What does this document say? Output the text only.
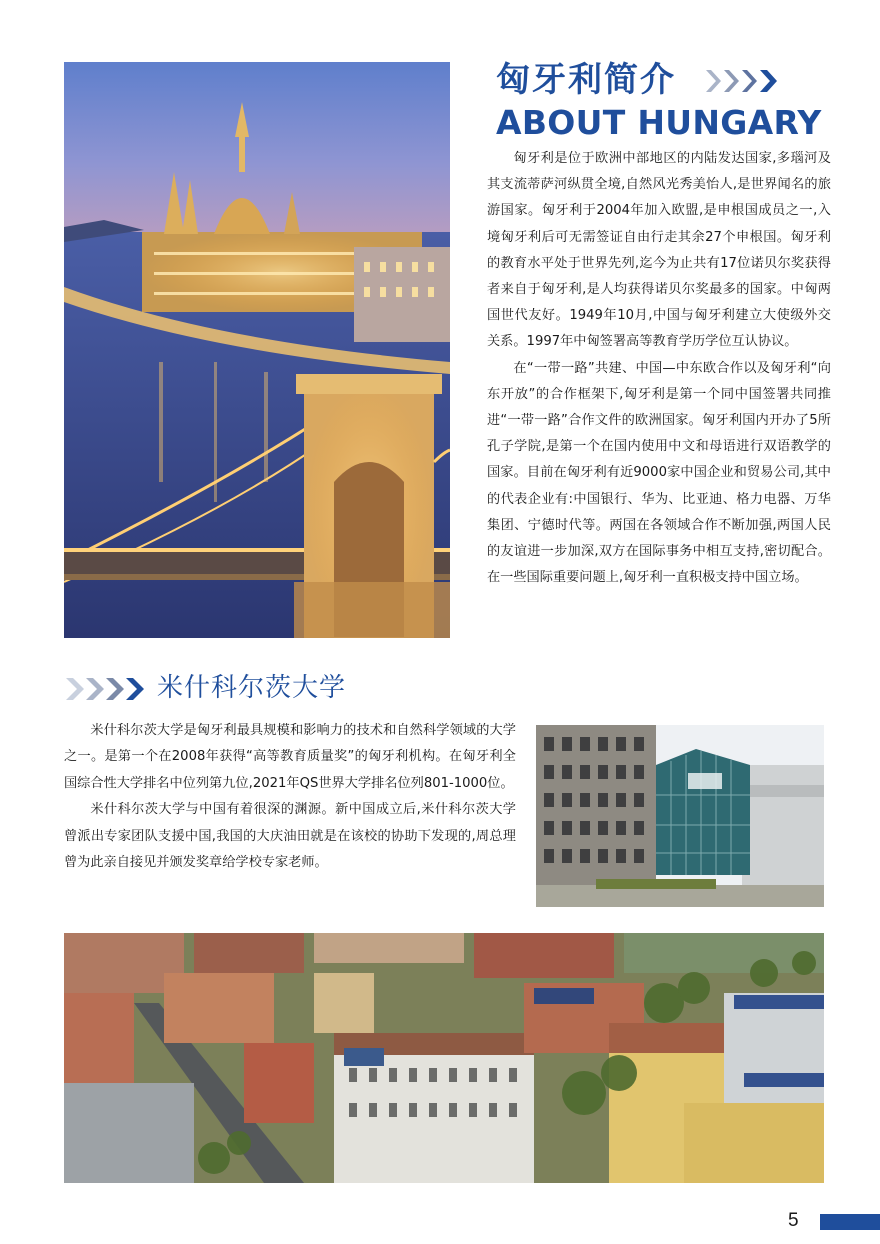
匈牙利简介
ABOUT HUNGARY

匈牙利是位于欧洲中部地区的内陆发达国家,多瑙河及其支流蒂萨河纵贯全境,自然风光秀美怡人,是世界闻名的旅游国家。匈牙利于2004年加入欧盟,是申根国成员之一,入境匈牙利后可无需签证自由行走其余27个申根国。匈牙利的教育水平处于世界先列,迄今为止共有17位诺贝尔奖获得者来自于匈牙利,是人均获得诺贝尔奖最多的国家。中匈两国世代友好。1949年10月,中国与匈牙利建立大使级外交关系。1997年中匈签署高等教育学历学位互认协议。

在“一带一路”共建、中国—中东欧合作以及匈牙利“向东开放”的合作框架下,匈牙利是第一个同中国签署共同推进“一带一路”合作文件的欧洲国家。匈牙利国内开办了5所孔子学院,是第一个在国内使用中文和母语进行双语教学的国家。目前在匈牙利有近9000家中国企业和贸易公司,其中的代表企业有:中国银行、华为、比亚迪、格力电器、万华集团、宁德时代等。两国在各领域合作不断加强,两国人民的友谊进一步加深,双方在国际事务中相互支持,密切配合。在一些国际重要问题上,匈牙利一直积极支持中国立场。

米什科尔茨大学

米什科尔茨大学是匈牙利最具规模和影响力的技术和自然科学领域的大学之一。是第一个在2008年获得“高等教育质量奖”的匈牙利机构。在匈牙利全国综合性大学排名中位列第九位,2021年QS世界大学排名位列801-1000位。

米什科尔茨大学与中国有着很深的渊源。新中国成立后,米什科尔茨大学曾派出专家团队支援中国,我国的大庆油田就是在该校的协助下发现的,周总理曾为此亲自接见并颁发奖章给学校专家老师。

5
